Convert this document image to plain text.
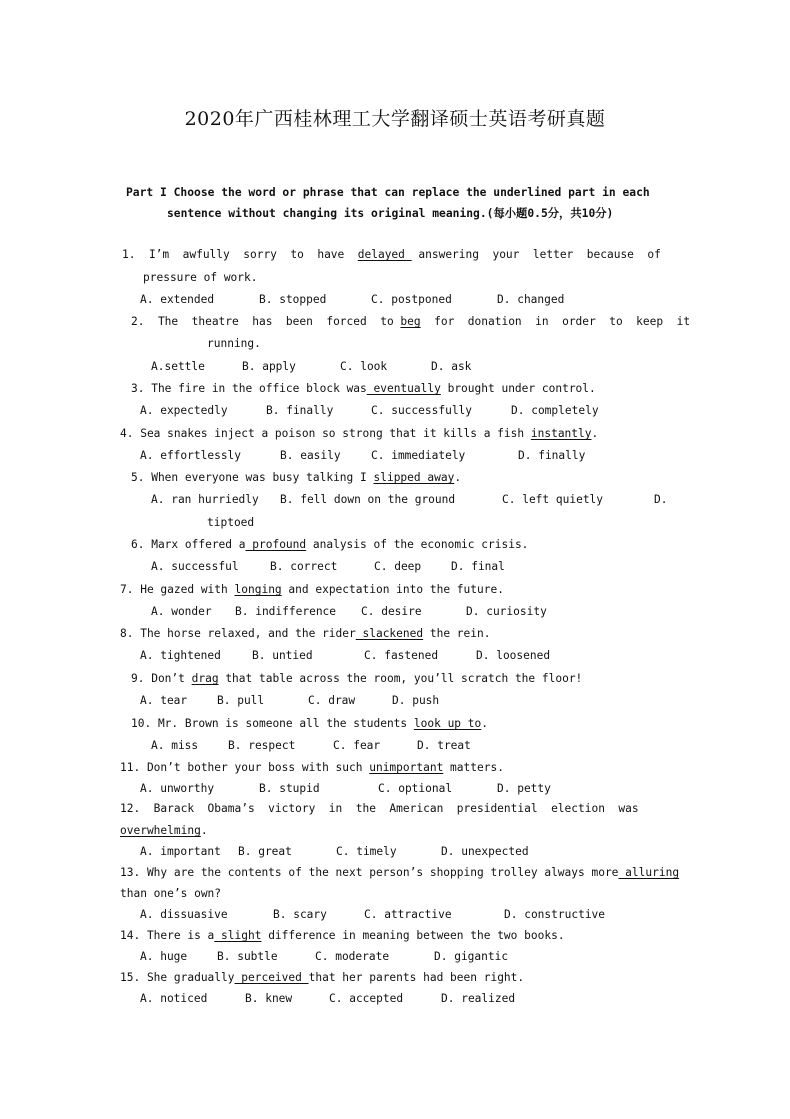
2020年广西桂林理工大学翻译硕士英语考研真题
Part I Choose the word or phrase that can replace the underlined part in each
sentence without changing its original meaning.(每小题0.5分，共10分)
1.  I’m  awfully  sorry  to  have  delayed  answering  your  letter  because  of
pressure of work.
A. extended	B. stopped	C. postponed	D. changed
2.  The  theatre  has  been  forced  to beg  for  donation  in  order  to  keep  it
running.
A.settle	B. apply	C. look	D. ask
3. The fire in the office block was eventually brought under control.
A. expectedly	B. finally	C. successfully	D. completely
4. Sea snakes inject a poison so strong that it kills a fish instantly.
A. effortlessly	B. easily	C. immediately	D. finally
5. When everyone was busy talking I slipped away.
A. ran hurriedly B. fell down on the ground	C. left quietly	D.
tiptoed
6. Marx offered a profound analysis of the economic crisis.
A. successful	B. correct	C. deep	D. final
7. He gazed with longing and expectation into the future.
A. wonder B. indifference C. desire	D. curiosity
8. The horse relaxed, and the rider slackened the rein.
A. tightened	B. untied	C. fastened	D. loosened
9. Don’t drag that table across the room, you’ll scratch the floor!
A. tear	B. pull	C. draw	D. push
10. Mr. Brown is someone all the students look up to.
A. miss	B. respect	C. fear	D. treat
11. Don’t bother your boss with such unimportant matters.
A. unworthy	B. stupid	C. optional	D. petty
12.  Barack  Obama’s  victory  in  the  American  presidential  election  was
overwhelming.
A. important B. great	C. timely	D. unexpected
13. Why are the contents of the next person’s shopping trolley always more alluring
than one’s own?
A. dissuasive	B. scary	C. attractive	D. constructive
14. There is a slight difference in meaning between the two books.
A. huge	B. subtle	C. moderate	D. gigantic
15. She gradually perceived that her parents had been right.
A. noticed	B. knew	C. accepted	D. realized
